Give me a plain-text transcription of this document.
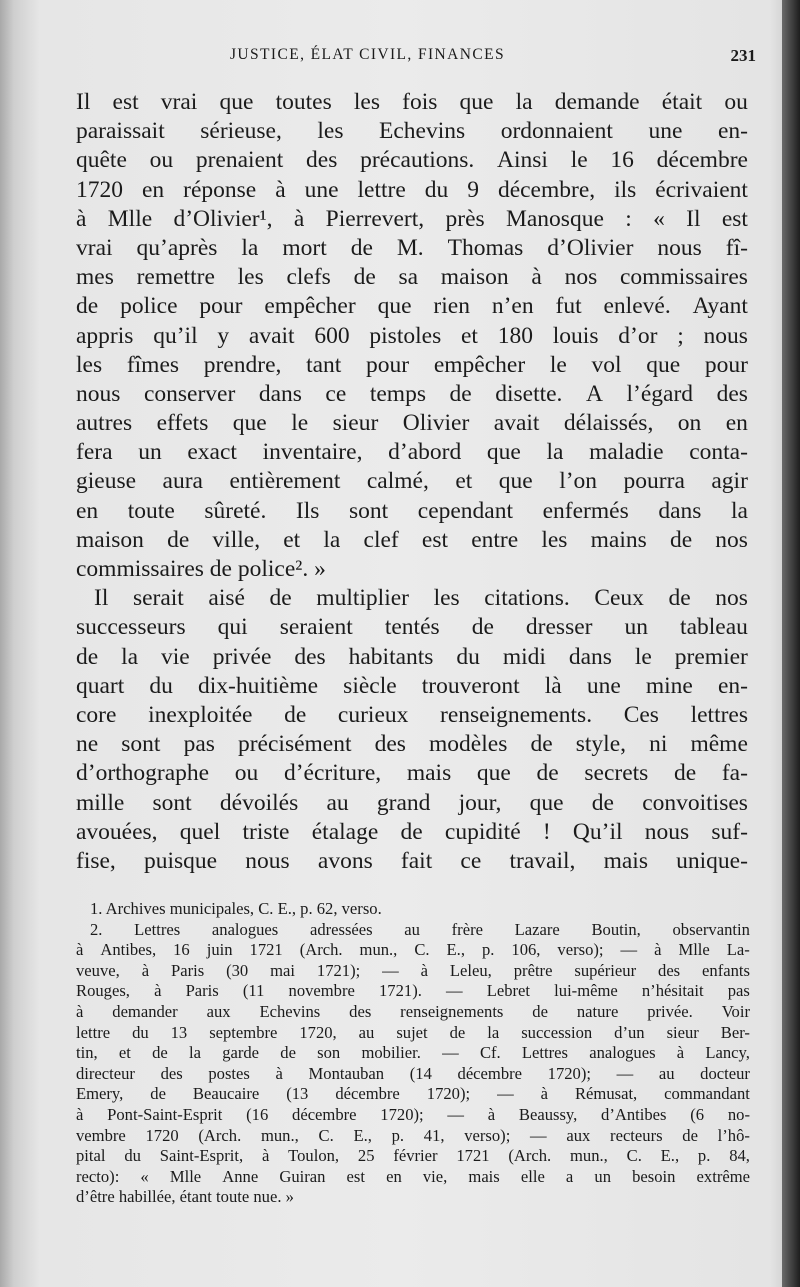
JUSTICE, ÉLAT CIVIL, FINANCES	231
Il est vrai que toutes les fois que la demande était ou
paraissait sérieuse, les Echevins ordonnaient une en-
quête ou prenaient des précautions. Ainsi le 16 décembre
1720 en réponse à une lettre du 9 décembre, ils écrivaient
à Mlle d’Olivier¹, à Pierrevert, près Manosque : « Il est
vrai qu’après la mort de M. Thomas d’Olivier nous fî-
mes remettre les clefs de sa maison à nos commissaires
de police pour empêcher que rien n’en fut enlevé. Ayant
appris qu’il y avait 600 pistoles et 180 louis d’or ; nous
les fîmes prendre, tant pour empêcher le vol que pour
nous conserver dans ce temps de disette. A l’égard des
autres effets que le sieur Olivier avait délaissés, on en
fera un exact inventaire, d’abord que la maladie conta-
gieuse aura entièrement calmé, et que l’on pourra agir
en toute sûreté. Ils sont cependant enfermés dans la
maison de ville, et la clef est entre les mains de nos
commissaires de police². »
Il serait aisé de multiplier les citations. Ceux de nos
successeurs qui seraient tentés de dresser un tableau
de la vie privée des habitants du midi dans le premier
quart du dix-huitième siècle trouveront là une mine en-
core inexploitée de curieux renseignements. Ces lettres
ne sont pas précisément des modèles de style, ni même
d’orthographe ou d’écriture, mais que de secrets de fa-
mille sont dévoilés au grand jour, que de convoitises
avouées, quel triste étalage de cupidité ! Qu’il nous suf-
fise, puisque nous avons fait ce travail, mais unique-
1. Archives municipales, C. E., p. 62, verso.
2. Lettres analogues adressées au frère Lazare Boutin, observantin
à Antibes, 16 juin 1721 (Arch. mun., C. E., p. 106, verso); — à Mlle La-
veuve, à Paris (30 mai 1721); — à Leleu, prêtre supérieur des enfants
Rouges, à Paris (11 novembre 1721). — Lebret lui-même n’hésitait pas
à demander aux Echevins des renseignements de nature privée. Voir
lettre du 13 septembre 1720, au sujet de la succession d’un sieur Ber-
tin, et de la garde de son mobilier. — Cf. Lettres analogues à Lancy,
directeur des postes à Montauban (14 décembre 1720); — au docteur
Emery, de Beaucaire (13 décembre 1720); — à Rémusat, commandant
à Pont-Saint-Esprit (16 décembre 1720); — à Beaussy, d’Antibes (6 no-
vembre 1720 (Arch. mun., C. E., p. 41, verso); — aux recteurs de l’hô-
pital du Saint-Esprit, à Toulon, 25 février 1721 (Arch. mun., C. E., p. 84,
recto): « Mlle Anne Guiran est en vie, mais elle a un besoin extrême
d’être habillée, étant toute nue. »
